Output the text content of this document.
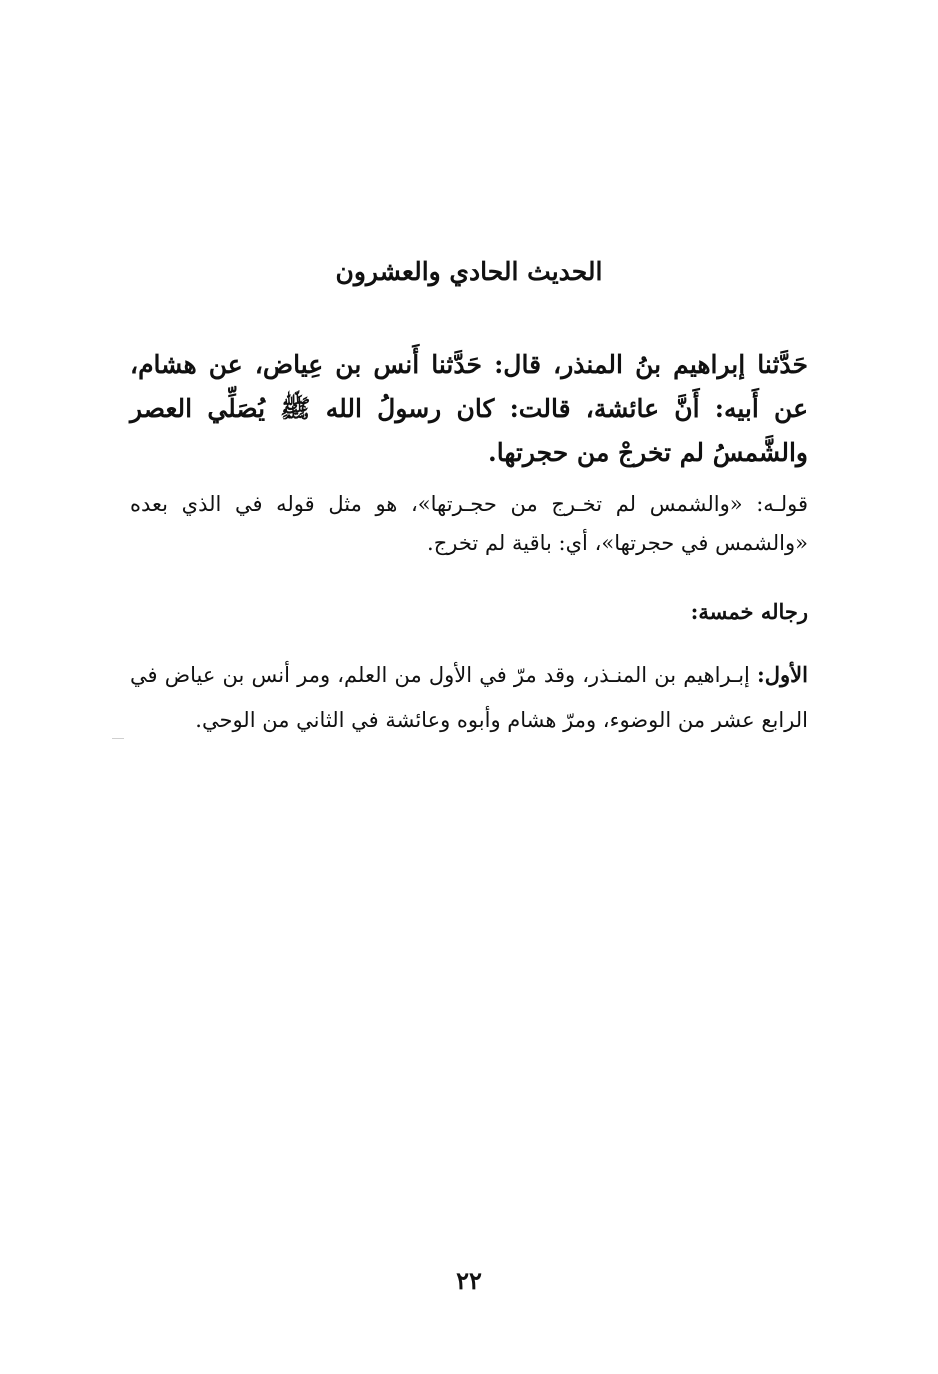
الحديث الحادي والعشرون

حَدَّثنا إبراهيم بنُ المنذر، قال: حَدَّثنا أَنس بن عِياض، عن هشام، عن أَبيه: أَنَّ عائشة، قالت: كان رسولُ الله ﷺ يُصَلِّي العصر والشَّمسُ لم تخرجْ من حجرتها.

قولـه: «والشمس لم تخـرج من حجـرتها»، هو مثل قوله في الذي بعده «والشمس في حجرتها»، أي: باقية لم تخرج.

رجاله خمسة:

الأول: إبـراهيم بن المنـذر، وقد مرّ في الأول من العلم، ومر أنس بن عياض في الرابع عشر من الوضوء، ومرّ هشام وأبوه وعائشة في الثاني من الوحي.

٢٢
